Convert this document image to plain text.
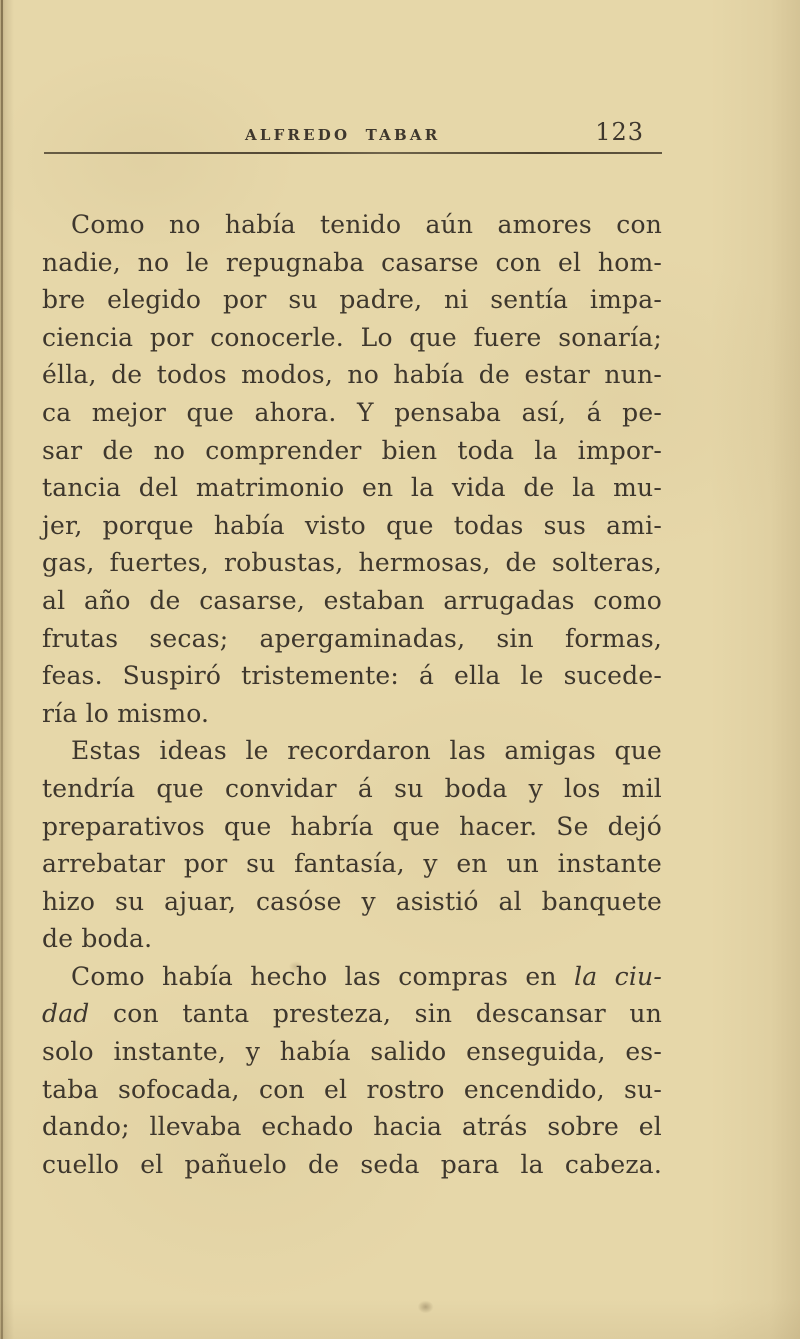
ALFREDO TABAR	123
Como no había tenido aún amores con
nadie, no le repugnaba casarse con el hom-
bre elegido por su padre, ni sentía impa-
ciencia por conocerle. Lo que fuere sonaría;
élla, de todos modos, no había de estar nun-
ca mejor que ahora. Y pensaba así, á pe-
sar de no comprender bien toda la impor-
tancia del matrimonio en la vida de la mu-
jer, porque había visto que todas sus ami-
gas, fuertes, robustas, hermosas, de solteras,
al año de casarse, estaban arrugadas como
frutas secas; apergaminadas, sin formas,
feas. Suspiró tristemente: á ella le sucede-
ría lo mismo.
Estas ideas le recordaron las amigas que
tendría que convidar á su boda y los mil
preparativos que habría que hacer. Se dejó
arrebatar por su fantasía, y en un instante
hizo su ajuar, casóse y asistió al banquete
de boda.
Como había hecho las compras en la ciu-
dad con tanta presteza, sin descansar un
solo instante, y había salido enseguida, es-
taba sofocada, con el rostro encendido, su-
dando; llevaba echado hacia atrás sobre el
cuello el pañuelo de seda para la cabeza.
